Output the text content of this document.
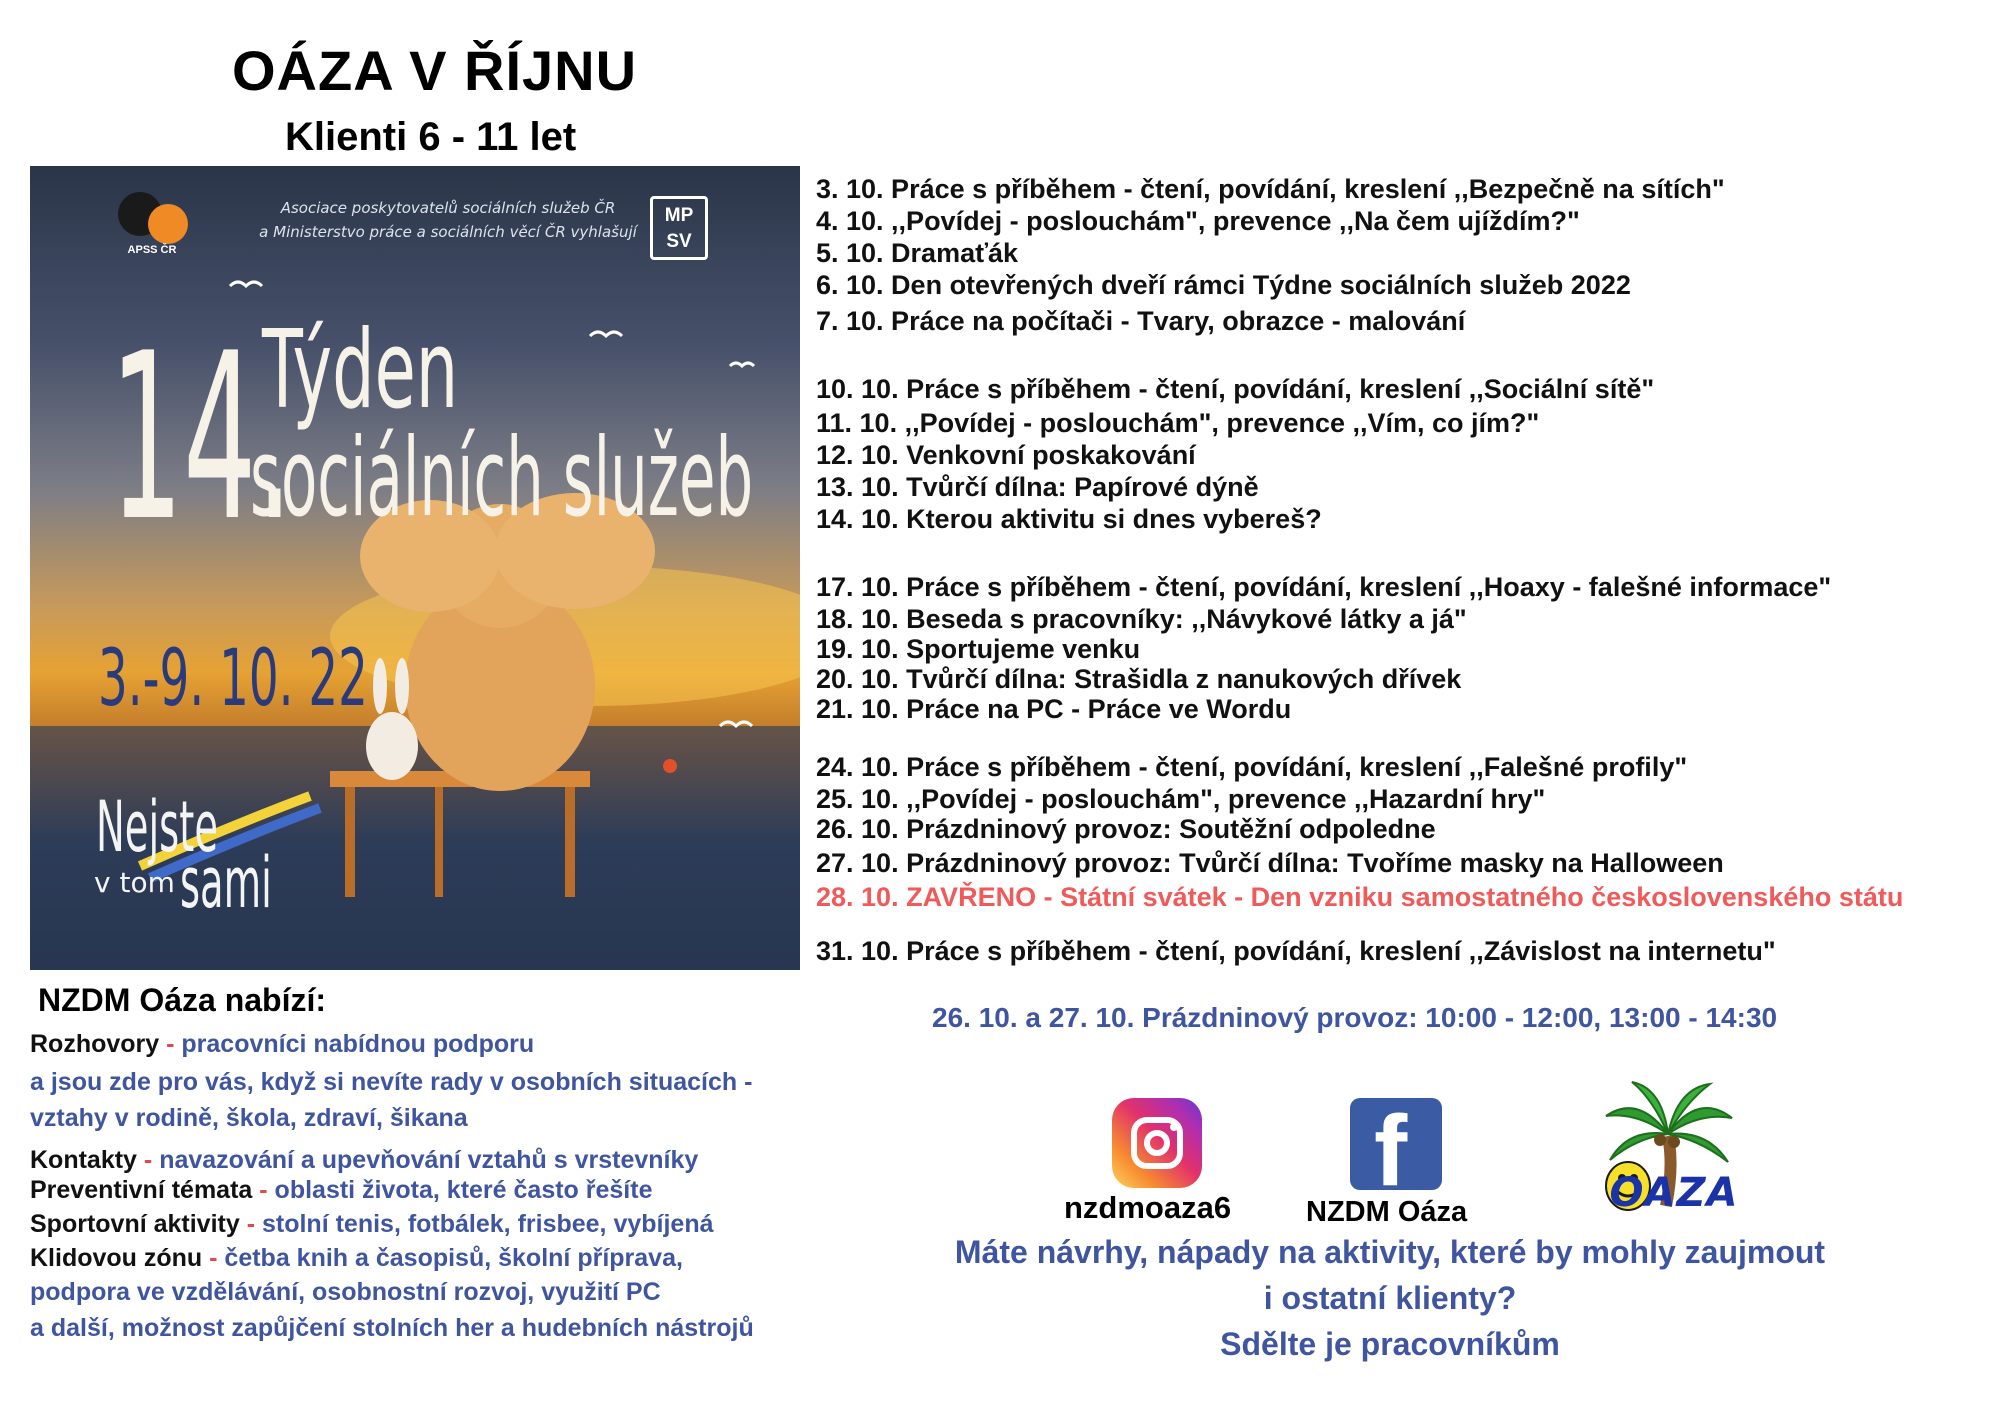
OÁZA V ŘÍJNU
Klienti 6 - 11 let
Asociace poskytovatelů sociálních služeb ČR
a Ministerstvo práce a sociálních věcí ČR vyhlašují
APSS ČR
MP
SV
14.
Týden
sociálních služeb
3.-9. 10. 22
Nejste
v tom sami
3. 10. Práce s příběhem - čtení, povídání, kreslení ,,Bezpečně na sítích"
4. 10. ,,Povídej - poslouchám", prevence ,,Na čem ujíždím?"
5. 10. Dramaťák
6. 10. Den otevřených dveří rámci Týdne sociálních služeb 2022
7. 10. Práce na počítači - Tvary, obrazce - malování
10. 10. Práce s příběhem - čtení, povídání, kreslení ,,Sociální sítě"
11. 10. ,,Povídej - poslouchám", prevence ,,Vím, co jím?"
12. 10. Venkovní poskakování
13. 10. Tvůrčí dílna: Papírové dýně
14. 10. Kterou aktivitu si dnes vybereš?
17. 10. Práce s příběhem - čtení, povídání, kreslení ,,Hoaxy - falešné informace"
18. 10. Beseda s pracovníky: ,,Návykové látky a já"
19. 10. Sportujeme venku
20. 10. Tvůrčí dílna: Strašidla z nanukových dřívek
21. 10. Práce na PC - Práce ve Wordu
24. 10. Práce s příběhem - čtení, povídání, kreslení ,,Falešné profily"
25. 10. ,,Povídej - poslouchám", prevence ,,Hazardní hry"
26. 10. Prázdninový provoz: Soutěžní odpoledne
27. 10. Prázdninový provoz: Tvůrčí dílna: Tvoříme masky na Halloween
28. 10. ZAVŘENO - Státní svátek - Den vzniku samostatného československého státu
31. 10. Práce s příběhem - čtení, povídání, kreslení ,,Závislost na internetu"
26. 10. a 27. 10. Prázdninový provoz: 10:00 - 12:00, 13:00 - 14:30
NZDM Oáza nabízí:
Rozhovory - pracovníci nabídnou podporu
a jsou zde pro vás, když si nevíte rady v osobních situacích -
vztahy v rodině, škola, zdraví, šikana
Kontakty - navazování a upevňování vztahů s vrstevníky
Preventivní témata - oblasti života, které často řešíte
Sportovní aktivity - stolní tenis, fotbálek, frisbee, vybíjená
Klidovou zónu - četba knih a časopisů, školní příprava,
podpora ve vzdělávání, osobnostní rozvoj, využití PC
a další, možnost zapůjčení stolních her a hudebních nástrojů
nzdmoaza6
f
NZDM Oáza	OAZA
Máte návrhy, nápady na aktivity, které by mohly zaujmout
i ostatní klienty?
Sdělte je pracovníkům
